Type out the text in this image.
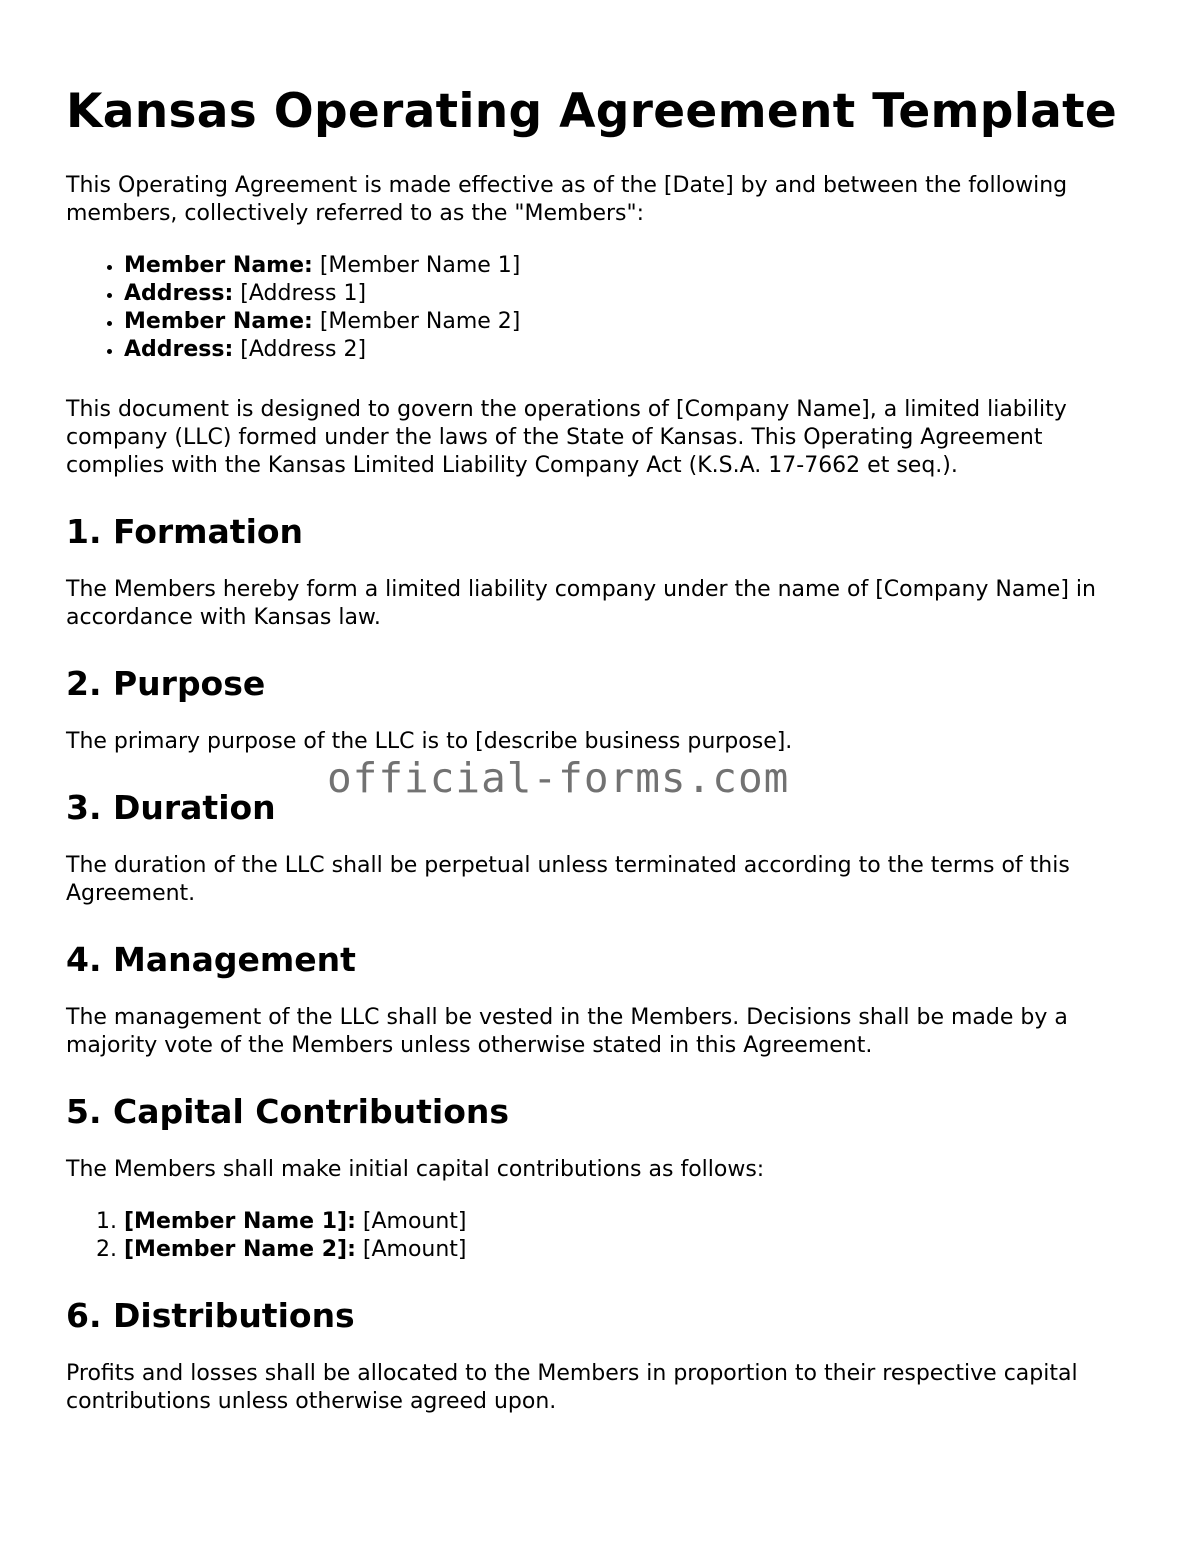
Kansas Operating Agreement Template

This Operating Agreement is made effective as of the [Date] by and between the following members, collectively referred to as the "Members":

• Member Name: [Member Name 1]
• Address: [Address 1]
• Member Name: [Member Name 2]
• Address: [Address 2]

This document is designed to govern the operations of [Company Name], a limited liability company (LLC) formed under the laws of the State of Kansas. This Operating Agreement complies with the Kansas Limited Liability Company Act (K.S.A. 17-7662 et seq.).

1. Formation

The Members hereby form a limited liability company under the name of [Company Name] in accordance with Kansas law.

2. Purpose

The primary purpose of the LLC is to [describe business purpose].

3. Duration

The duration of the LLC shall be perpetual unless terminated according to the terms of this Agreement.

4. Management

The management of the LLC shall be vested in the Members. Decisions shall be made by a majority vote of the Members unless otherwise stated in this Agreement.

5. Capital Contributions

The Members shall make initial capital contributions as follows:

1. [Member Name 1]: [Amount]
2. [Member Name 2]: [Amount]
6. Distributions

Profits and losses shall be allocated to the Members in proportion to their respective capital contributions unless otherwise agreed upon.

official-forms.com
